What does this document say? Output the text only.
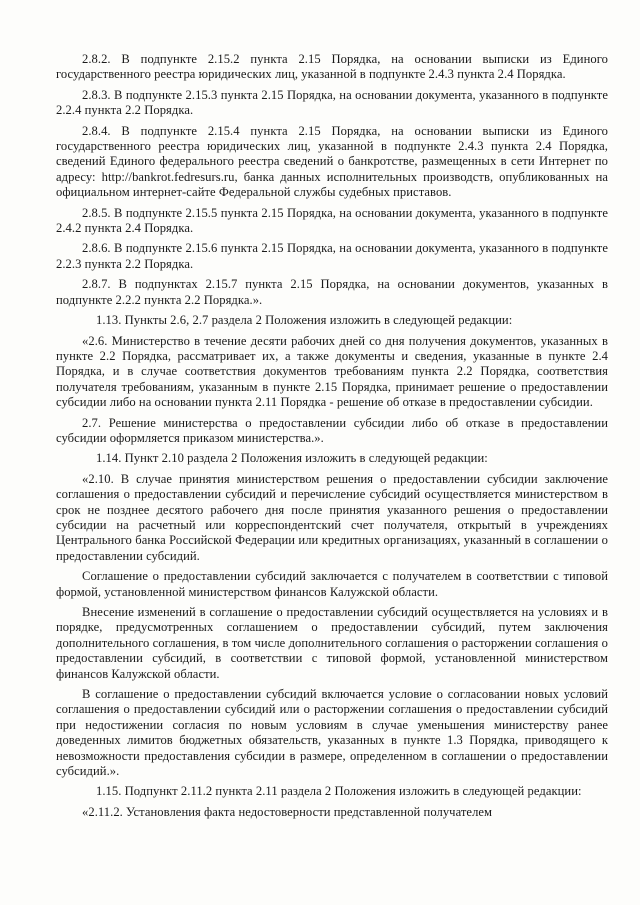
2.8.2. В подпункте 2.15.2 пункта 2.15 Порядка, на основании выписки из Единого государственного реестра юридических лиц, указанной в подпункте 2.4.3 пункта 2.4 Порядка.

2.8.3. В подпункте 2.15.3 пункта 2.15 Порядка, на основании документа, указанного в подпункте 2.2.4 пункта 2.2 Порядка.

2.8.4. В подпункте 2.15.4 пункта 2.15 Порядка, на основании выписки из Единого государственного реестра юридических лиц, указанной в подпункте 2.4.3 пункта 2.4 Порядка, сведений Единого федерального реестра сведений о банкротстве, размещенных в сети Интернет по адресу: http://bankrot.fedresurs.ru, банка данных исполнительных производств, опубликованных на официальном интернет-сайте Федеральной службы судебных приставов.

2.8.5. В подпункте 2.15.5 пункта 2.15 Порядка, на основании документа, указанного в подпункте 2.4.2 пункта 2.4 Порядка.

2.8.6. В подпункте 2.15.6 пункта 2.15 Порядка, на основании документа, указанного в подпункте 2.2.3 пункта 2.2 Порядка.

2.8.7. В подпунктах 2.15.7 пункта 2.15 Порядка, на основании документов, указанных в подпункте 2.2.2 пункта 2.2 Порядка.».

1.13. Пункты 2.6, 2.7 раздела 2 Положения изложить в следующей редакции:

«2.6. Министерство в течение десяти рабочих дней со дня получения документов, указанных в пункте 2.2 Порядка, рассматривает их, а также документы и сведения, указанные в пункте 2.4 Порядка, и в случае соответствия документов требованиям пункта 2.2 Порядка, соответствия получателя требованиям, указанным в пункте 2.15 Порядка, принимает решение о предоставлении субсидии либо на основании пункта 2.11 Порядка - решение об отказе в предоставлении субсидии.

2.7. Решение министерства о предоставлении субсидии либо об отказе в предоставлении субсидии оформляется приказом министерства.».

1.14. Пункт 2.10 раздела 2 Положения изложить в следующей редакции:

«2.10. В случае принятия министерством решения о предоставлении субсидии заключение соглашения о предоставлении субсидий и перечисление субсидий осуществляется министерством в срок не позднее десятого рабочего дня после принятия указанного решения о предоставлении субсидии на расчетный или корреспондентский счет получателя, открытый в учреждениях Центрального банка Российской Федерации или кредитных организациях, указанный в соглашении о предоставлении субсидий.

Соглашение о предоставлении субсидий заключается с получателем в соответствии с типовой формой, установленной министерством финансов Калужской области.

Внесение изменений в соглашение о предоставлении субсидий осуществляется на условиях и в порядке, предусмотренных соглашением о предоставлении субсидий, путем заключения дополнительного соглашения, в том числе дополнительного соглашения о расторжении соглашения о предоставлении субсидий, в соответствии с типовой формой, установленной министерством финансов Калужской области.

В соглашение о предоставлении субсидий включается условие о согласовании новых условий соглашения о предоставлении субсидий или о расторжении соглашения о предоставлении субсидий при недостижении согласия по новым условиям в случае уменьшения министерству ранее доведенных лимитов бюджетных обязательств, указанных в пункте 1.3 Порядка, приводящего к невозможности предоставления субсидии в размере, определенном в соглашении о предоставлении субсидий.».

1.15. Подпункт 2.11.2 пункта 2.11 раздела 2 Положения изложить в следующей редакции:

«2.11.2. Установления факта недостоверности представленной получателем
